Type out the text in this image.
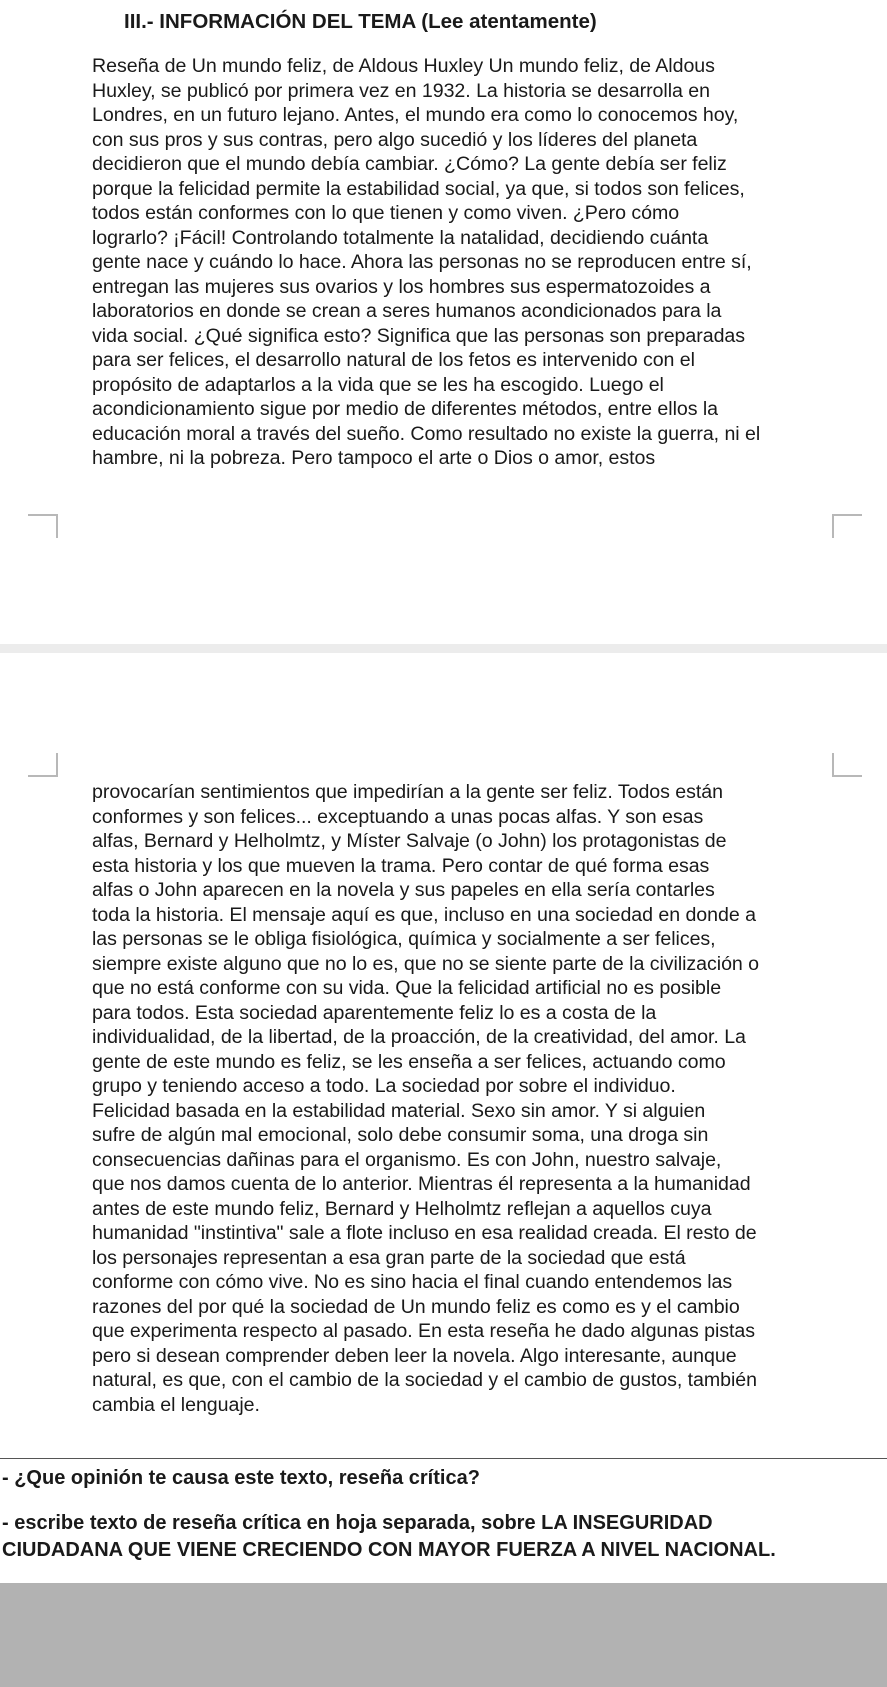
III.- INFORMACIÓN DEL TEMA (Lee atentamente)
Reseña de Un mundo feliz, de Aldous Huxley Un mundo feliz, de Aldous
Huxley, se publicó por primera vez en 1932. La historia se desarrolla en
Londres, en un futuro lejano. Antes, el mundo era como lo conocemos hoy,
con sus pros y sus contras, pero algo sucedió y los líderes del planeta
decidieron que el mundo debía cambiar. ¿Cómo? La gente debía ser feliz
porque la felicidad permite la estabilidad social, ya que, si todos son felices,
todos están conformes con lo que tienen y como viven. ¿Pero cómo
lograrlo? ¡Fácil! Controlando totalmente la natalidad, decidiendo cuánta
gente nace y cuándo lo hace. Ahora las personas no se reproducen entre sí,
entregan las mujeres sus ovarios y los hombres sus espermatozoides a
laboratorios en donde se crean a seres humanos acondicionados para la
vida social. ¿Qué significa esto? Significa que las personas son preparadas
para ser felices, el desarrollo natural de los fetos es intervenido con el
propósito de adaptarlos a la vida que se les ha escogido. Luego el
acondicionamiento sigue por medio de diferentes métodos, entre ellos la
educación moral a través del sueño. Como resultado no existe la guerra, ni el
hambre, ni la pobreza. Pero tampoco el arte o Dios o amor, estos
provocarían sentimientos que impedirían a la gente ser feliz. Todos están
conformes y son felices... exceptuando a unas pocas alfas. Y son esas
alfas, Bernard y Helholmtz, y Míster Salvaje (o John) los protagonistas de
esta historia y los que mueven la trama. Pero contar de qué forma esas
alfas o John aparecen en la novela y sus papeles en ella sería contarles
toda la historia. El mensaje aquí es que, incluso en una sociedad en donde a
las personas se le obliga fisiológica, química y socialmente a ser felices,
siempre existe alguno que no lo es, que no se siente parte de la civilización o
que no está conforme con su vida. Que la felicidad artificial no es posible
para todos. Esta sociedad aparentemente feliz lo es a costa de la
individualidad, de la libertad, de la proacción, de la creatividad, del amor. La
gente de este mundo es feliz, se les enseña a ser felices, actuando como
grupo y teniendo acceso a todo. La sociedad por sobre el individuo.
Felicidad basada en la estabilidad material. Sexo sin amor. Y si alguien
sufre de algún mal emocional, solo debe consumir soma, una droga sin
consecuencias dañinas para el organismo. Es con John, nuestro salvaje,
que nos damos cuenta de lo anterior. Mientras él representa a la humanidad
antes de este mundo feliz, Bernard y Helholmtz reflejan a aquellos cuya
humanidad "instintiva" sale a flote incluso en esa realidad creada. El resto de
los personajes representan a esa gran parte de la sociedad que está
conforme con cómo vive. No es sino hacia el final cuando entendemos las
razones del por qué la sociedad de Un mundo feliz es como es y el cambio
que experimenta respecto al pasado. En esta reseña he dado algunas pistas
pero si desean comprender deben leer la novela. Algo interesante, aunque
natural, es que, con el cambio de la sociedad y el cambio de gustos, también
cambia el lenguaje.
- ¿Que opinión te causa este texto, reseña crítica?
- escribe texto de reseña crítica en hoja separada, sobre LA INSEGURIDAD
CIUDADANA QUE VIENE CRECIENDO CON MAYOR FUERZA A NIVEL NACIONAL.
